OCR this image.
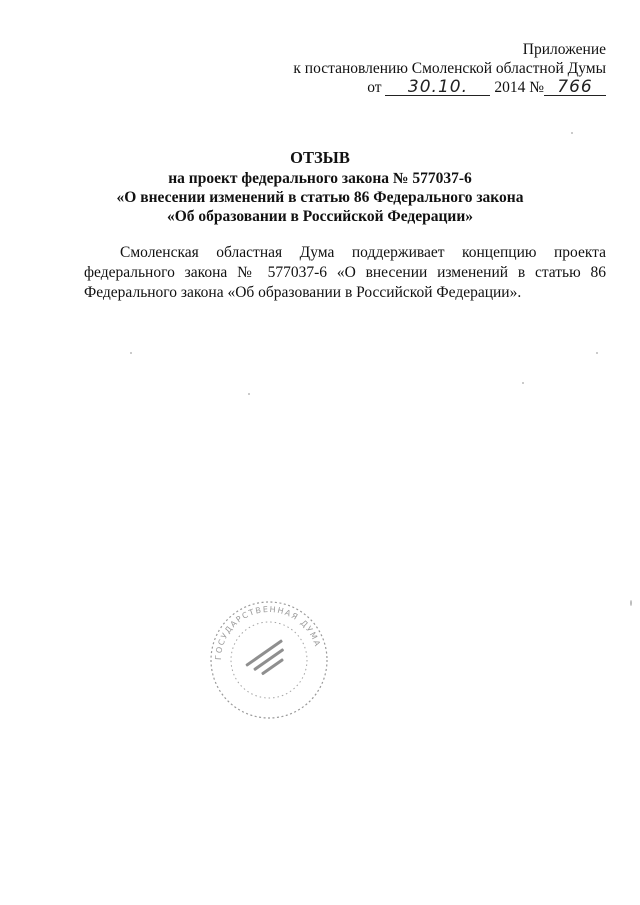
Приложение
к постановлению Смоленской областной Думы
от 30.10. 2014 № 766
ОТЗЫВ
на проект федерального закона № 577037-6
«О внесении изменений в статью 86 Федерального закона
«Об образовании в Российской Федерации»
Смоленская областная Дума поддерживает концепцию проекта федерального закона № 577037-6 «О внесении изменений в статью 86 Федерального закона «Об образовании в Российской Федерации».
ГОСУДАРСТВЕННАЯ ДУМА
